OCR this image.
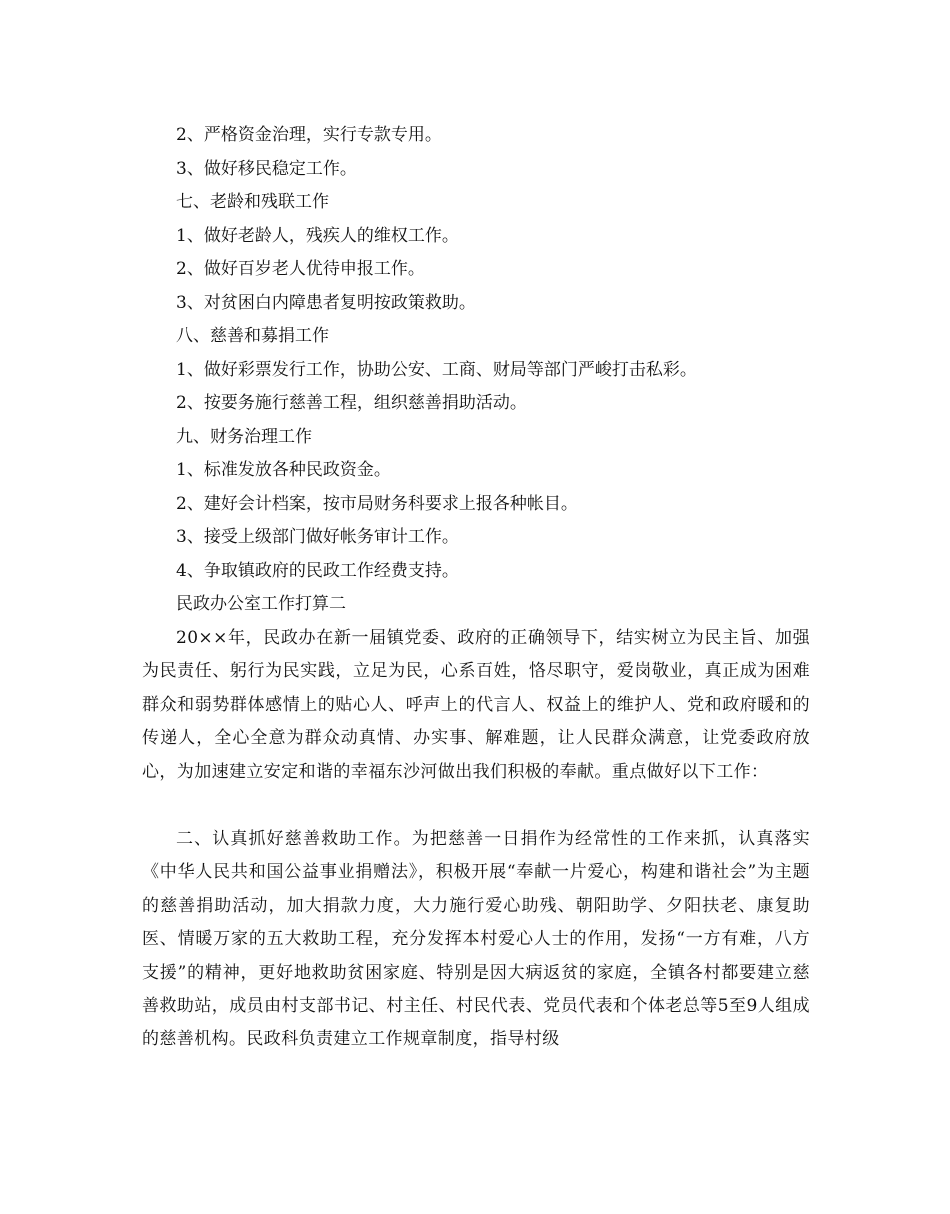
2、严格资金治理，实行专款专用。
3、做好移民稳定工作。
七、老龄和残联工作
1、做好老龄人，残疾人的维权工作。
2、做好百岁老人优待申报工作。
3、对贫困白内障患者复明按政策救助。
八、慈善和募捐工作
1、做好彩票发行工作，协助公安、工商、财局等部门严峻打击私彩。
2、按要务施行慈善工程，组织慈善捐助活动。
九、财务治理工作
1、标准发放各种民政资金。
2、建好会计档案，按市局财务科要求上报各种帐目。
3、接受上级部门做好帐务审计工作。
4、争取镇政府的民政工作经费支持。
民政办公室工作打算二
20××年，民政办在新一届镇党委、政府的正确领导下，结实树立为民主旨、加强为民责任、躬行为民实践，立足为民，心系百姓，恪尽职守，爱岗敬业，真正成为困难群众和弱势群体感情上的贴心人、呼声上的代言人、权益上的维护人、党和政府暖和的传递人，全心全意为群众动真情、办实事、解难题，让人民群众满意，让党委政府放心，为加速建立安定和谐的幸福东沙河做出我们积极的奉献。重点做好以下工作：
二、认真抓好慈善救助工作。为把慈善一日捐作为经常性的工作来抓，认真落实《中华人民共和国公益事业捐赠法》，积极开展“奉献一片爱心，构建和谐社会”为主题的慈善捐助活动，加大捐款力度，大力施行爱心助残、朝阳助学、夕阳扶老、康复助医、情暖万家的五大救助工程，充分发挥本村爱心人士的作用，发扬“一方有难，八方支援”的精神，更好地救助贫困家庭、特别是因大病返贫的家庭，全镇各村都要建立慈善救助站，成员由村支部书记、村主任、村民代表、党员代表和个体老总等5至9人组成的慈善机构。民政科负责建立工作规章制度，指导村级
